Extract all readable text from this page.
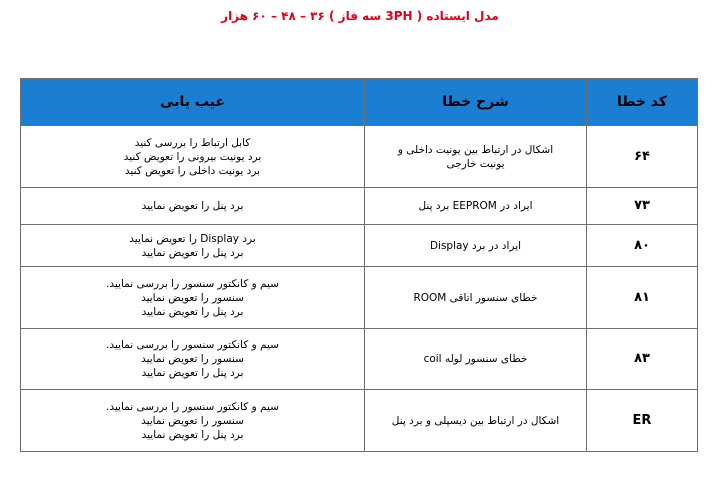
مدل ایستاده ( 3PH سه فاز ) ۳۶ – ۴۸ – ۶۰ هزار
کد خطا	شرح خطا	عیب یابی
۶۴	اشکال در ارتباط بین یونیت داخلی و یونیت خارجی	کابل ارتباط را بررسی کنید
برد یونیت بیرونی را تعویض کنید
برد یونیت داخلی را تعویض کنید

۷۳	ایراد در EEPROM برد پنل	برد پنل را تعویض نمایید

۸۰	ایراد در برد Display	برد Display را تعویض نمایید
برد پنل را تعویض نمایید

۸۱	خطای سنسور اتاقی ROOM	سیم و کانکتور سنسور را بررسی نمایید.
سنسور را تعویض نمایید
برد پنل را تعویض نمایید

۸۳	خطای سنسور لوله coil	سیم و کانکتور سنسور را بررسی نمایید.
سنسور را تعویض نمایید
برد پنل را تعویض نمایید

ER	اشکال در ارتباط بین دیسپلی و برد پنل	سیم و کانکتور سنسور را بررسی نمایید.
سنسور را تعویض نمایید
برد پنل را تعویض نمایید
